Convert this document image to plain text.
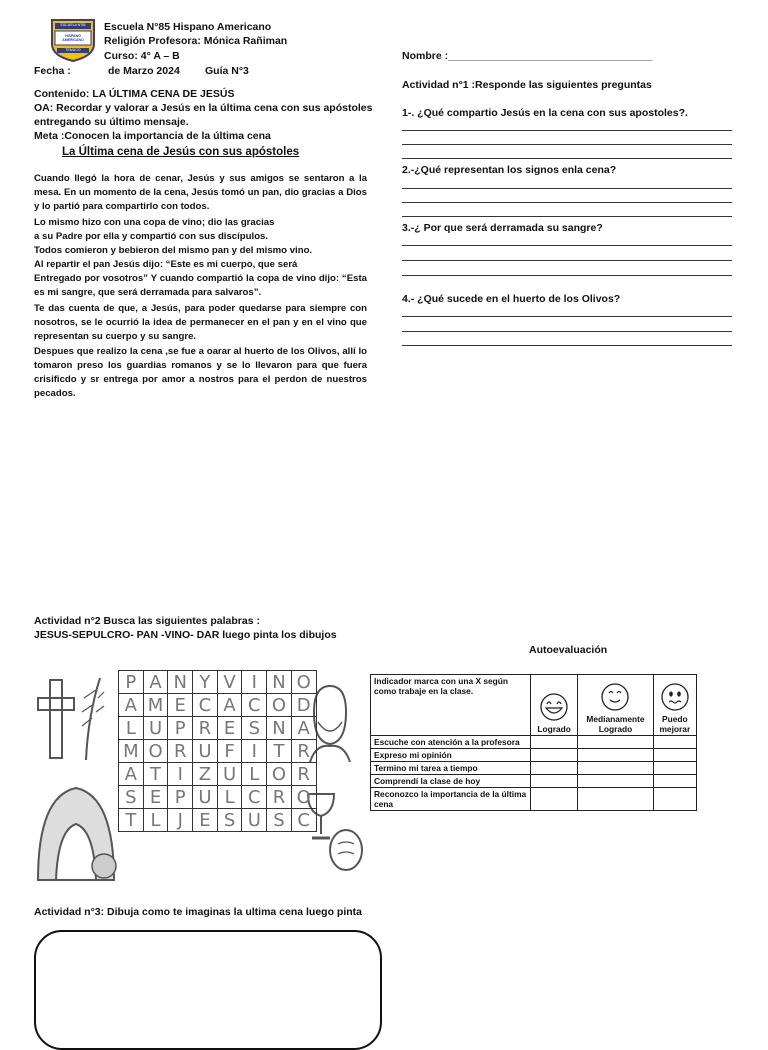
ESCUELA N°85
HISPANO AMERICANO
TEMUCO
Escuela N°85 Hispano Americano
Religión Profesora: Mónica Rañiman
Curso: 4° A – B
Fecha :	de Marzo 2024 Guía N°3
Contenido: LA ÚLTIMA CENA DE JESÚS
OA: Recordar y valorar a Jesús en la última cena con sus apóstoles
entregando su último mensaje.
Meta :Conocen la importancia de la última cena
La Última cena de Jesús con sus apóstoles
Cuando llegó la hora de cenar, Jesús y sus amigos se sentaron a la mesa. En un momento de la cena, Jesús tomó un pan, dio gracias a Dios y lo partió para compartirlo con todos.
Lo mismo hizo con una copa de vino; dio las gracias
a su Padre por ella y compartió con sus discípulos.
Todos comieron y bebieron del mismo pan y del mismo vino.
Al repartir el pan Jesús dijo: “Este es mi cuerpo, que será
Entregado por vosotros” Y cuando compartió la copa de vino dijo: “Esta es mi sangre, que será derramada para salvaros”.
Te das cuenta de que, a Jesús, para poder quedarse para siempre con nosotros, se le ocurrió la idea de permanecer en el pan y en el vino que representan su cuerpo y su sangre.
Despues que realizo la cena ,se fue a oarar al huerto de los Olivos, allí lo tomaron preso los guardias romanos y se lo llevaron para que fuera crisificdo y sr entrega por amor a nostros para el perdon de nuestros pecados.
Nombre :___________________________________
Actividad n°1 :Responde las siguientes preguntas
1-. ¿Qué compartio Jesús en la cena con sus apostoles?.
2.-¿Qué representan los signos enla cena?
3.-¿ Por que será derramada su sangre?
4.- ¿Qué sucede en el huerto de los Olivos?
Actividad n°2 Busca las siguientes palabras :
JESUS-SEPULCRO- PAN -VINO- DAR luego pinta los dibujos
P	A	N	Y	V	I	N	O
A	M	E	C	A	C	O	D
L	U	P	R	E	S	N	A
M	O	R	U	F	I	T	R
A	T	I	Z	U	L	O	R
S	E	P	U	L	C	R	O
T	L	J	E	S	U	S	C
Autoevaluación
Indicador marca con una X según como trabaje en la clase.	Logrado	Medianamente Logrado	Puedo mejorar
Escuche con atención a la profesora			
Expreso mi opinión			
Termino mi tarea a tiempo			
Comprendí la clase de hoy			
Reconozco la importancia de la última cena			
Actividad n°3: Dibuja como te imaginas la ultima cena luego pinta
